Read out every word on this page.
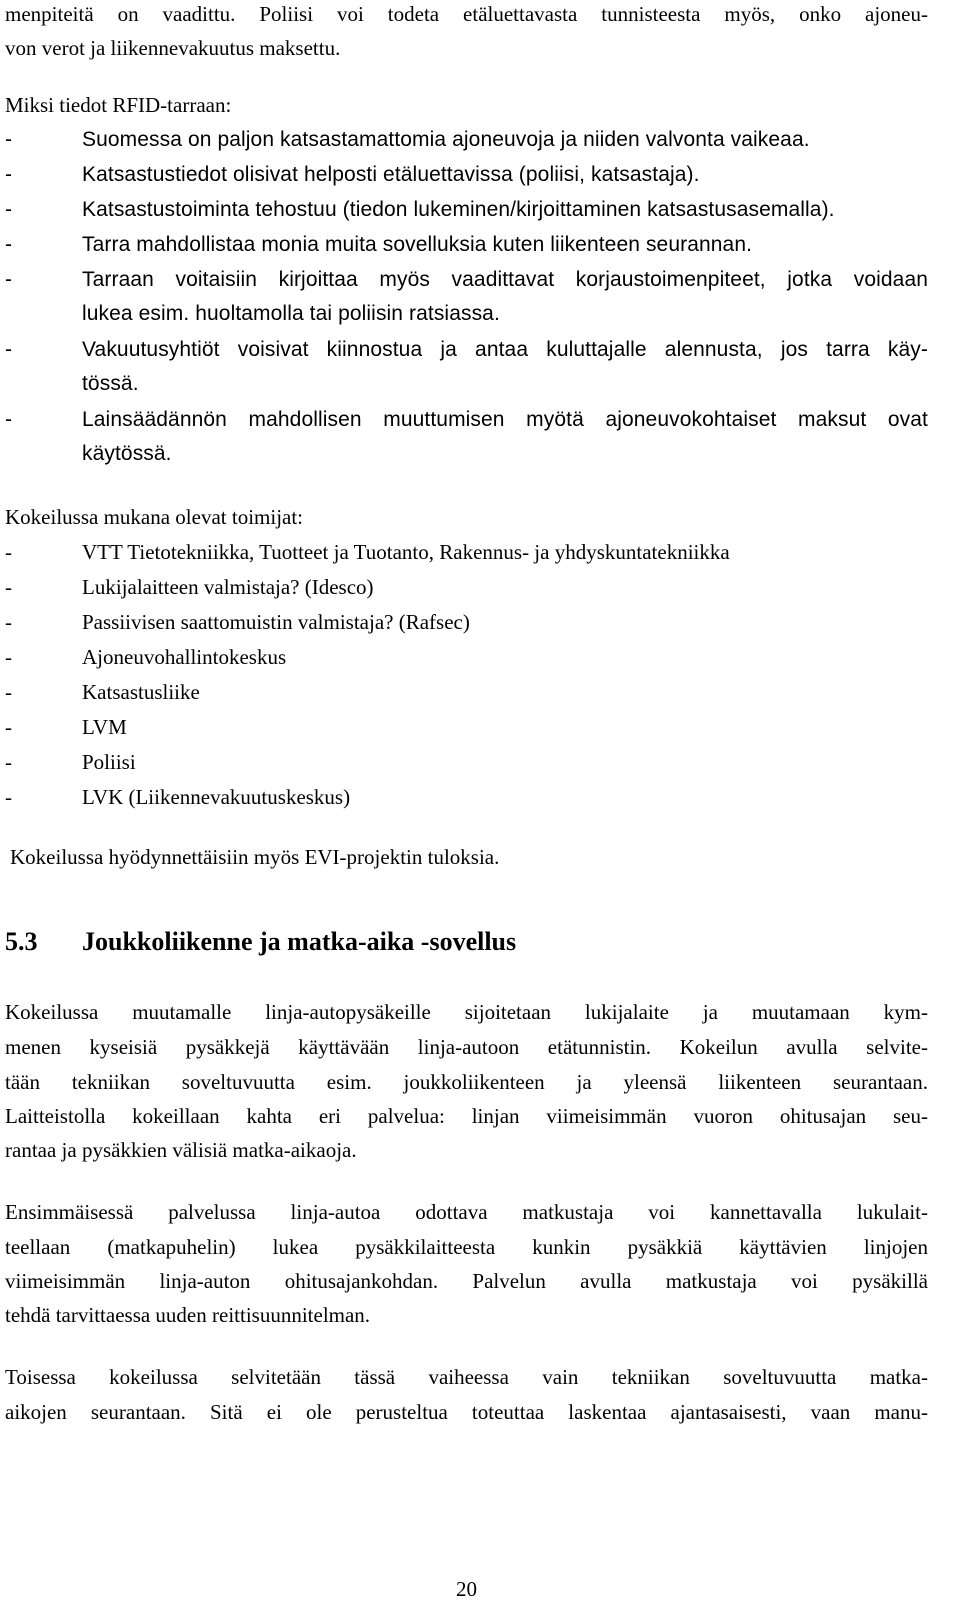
menpiteitä on vaadittu. Poliisi voi todeta etäluettavasta tunnisteesta myös, onko ajoneu-
von verot ja liikennevakuutus maksettu.
Miksi tiedot RFID-tarraan:
-	Suomessa on paljon katsastamattomia ajoneuvoja ja niiden valvonta vaikeaa.
-	Katsastustiedot olisivat helposti etäluettavissa (poliisi, katsastaja).
-	Katsastustoiminta tehostuu (tiedon lukeminen/kirjoittaminen katsastusasemalla).
-	Tarra mahdollistaa monia muita sovelluksia kuten liikenteen seurannan.
-	Tarraan voitaisiin kirjoittaa myös vaadittavat korjaustoimenpiteet, jotka voidaan
lukea esim. huoltamolla tai poliisin ratsiassa.
-	Vakuutusyhtiöt voisivat kiinnostua ja antaa kuluttajalle alennusta, jos tarra käy-
tössä.
-	Lainsäädännön mahdollisen muuttumisen myötä ajoneuvokohtaiset maksut ovat
käytössä.
Kokeilussa mukana olevat toimijat:
-	VTT Tietotekniikka, Tuotteet ja Tuotanto, Rakennus- ja yhdyskuntatekniikka
-	Lukijalaitteen valmistaja? (Idesco)
-	Passiivisen saattomuistin valmistaja? (Rafsec)
-	Ajoneuvohallintokeskus
-	Katsastusliike
-	LVM
-	Poliisi
-	LVK (Liikennevakuutuskeskus)
Kokeilussa hyödynnettäisiin myös EVI-projektin tuloksia.
5.3 Joukkoliikenne ja matka-aika -sovellus
Kokeilussa muutamalle linja-autopysäkeille sijoitetaan lukijalaite ja muutamaan kym-
menen kyseisiä pysäkkejä käyttävään linja-autoon etätunnistin. Kokeilun avulla selvite-
tään tekniikan soveltuvuutta esim. joukkoliikenteen ja yleensä liikenteen seurantaan.
Laitteistolla kokeillaan kahta eri palvelua: linjan viimeisimmän vuoron ohitusajan seu-
rantaa ja pysäkkien välisiä matka-aikaoja.
Ensimmäisessä palvelussa linja-autoa odottava matkustaja voi kannettavalla lukulait-
teellaan (matkapuhelin) lukea pysäkkilaitteesta kunkin pysäkkiä käyttävien linjojen
viimeisimmän linja-auton ohitusajankohdan. Palvelun avulla matkustaja voi pysäkillä
tehdä tarvittaessa uuden reittisuunnitelman.
Toisessa kokeilussa selvitetään tässä vaiheessa vain tekniikan soveltuvuutta matka-
aikojen seurantaan. Sitä ei ole perusteltua toteuttaa laskentaa ajantasaisesti, vaan manu-
20
